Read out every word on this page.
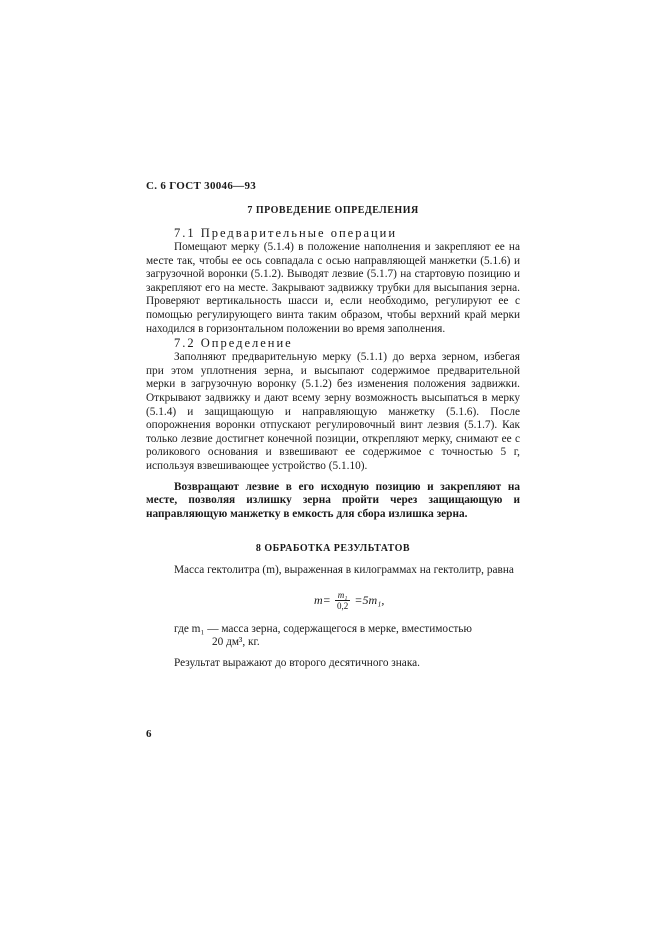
С. 6 ГОСТ 30046—93
7 ПРОВЕДЕНИЕ ОПРЕДЕЛЕНИЯ
7.1 Предварительные операции

Помещают мерку (5.1.4) в положение наполнения и закрепляют ее на месте так, чтобы ее ось совпадала с осью направляющей манжетки (5.1.6) и загрузочной воронки (5.1.2). Выводят лезвие (5.1.7) на стартовую позицию и закрепляют его на месте. Закрывают задвижку трубки для высыпания зерна. Проверяют вертикальность шасси и, если необходимо, регулируют ее с помощью регулирующего винта таким образом, чтобы верхний край мерки находился в горизонтальном положении во время заполнения.

7.2 Определение

Заполняют предварительную мерку (5.1.1) до верха зерном, избегая при этом уплотнения зерна, и высыпают содержимое предварительной мерки в загрузочную воронку (5.1.2) без изменения положения задвижки. Открывают задвижку и дают всему зерну возможность высыпаться в мерку (5.1.4) и защищающую и направляющую манжетку (5.1.6). После опорожнения воронки отпускают регулировочный винт лезвия (5.1.7). Как только лезвие достигнет конечной позиции, открепляют мерку, снимают ее с роликового основания и взвешивают ее содержимое с точностью 5 г, используя взвешивающее устройство (5.1.10).

Возвращают лезвие в его исходную позицию и закрепляют на месте, позволяя излишку зерна пройти через защищающую и направляющую манжетку в емкость для сбора излишка зерна.

8 ОБРАБОТКА РЕЗУЛЬТАТОВ

Масса гектолитра (m), выраженная в килограммах на гектолитр, равна

$m= \frac{\text{m₁}}{0,2} =5m_1$,

где m₁ — масса зерна, содержащегося в мерке, вместимостью
20 дм³, кг.

Результат выражают до второго десятичного знака.

6
